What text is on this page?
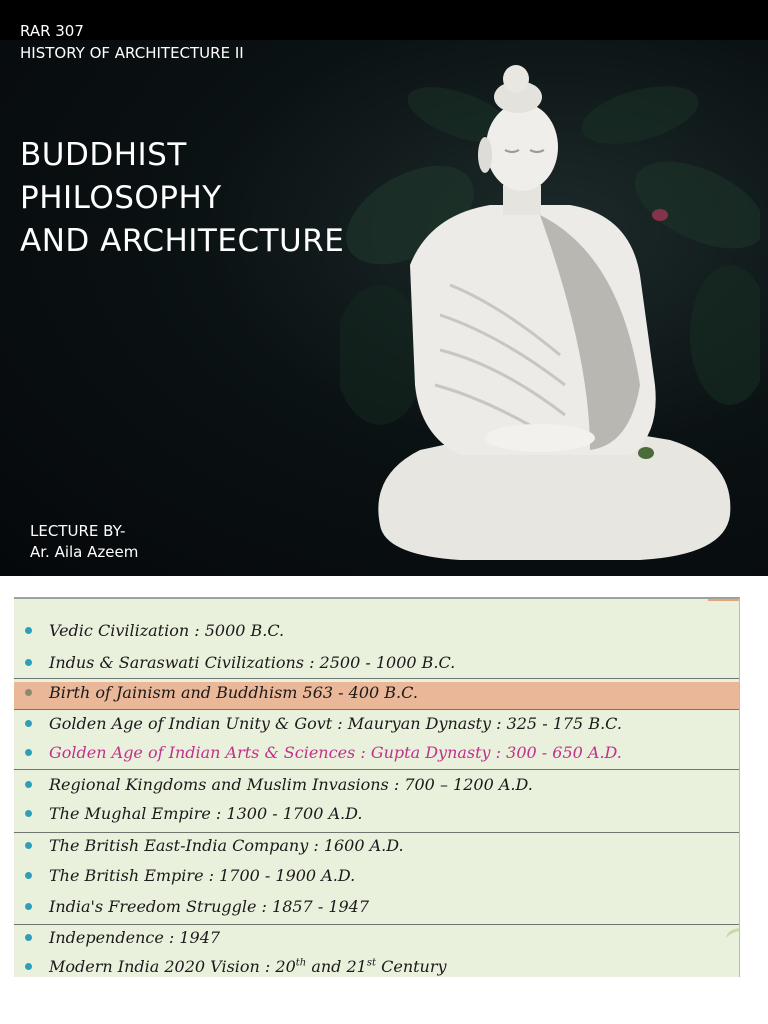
RAR 307
HISTORY OF ARCHITECTURE II
BUDDHIST
PHILOSOPHY
AND ARCHITECTURE
LECTURE BY-
Ar. Aila Azeem
Vedic Civilization : 5000 B.C.
Indus & Saraswati Civilizations : 2500 - 1000 B.C.
Birth of Jainism and Buddhism 563 - 400 B.C.
Golden Age of Indian Unity & Govt : Mauryan Dynasty : 325 - 175 B.C.
Golden Age of Indian Arts & Sciences : Gupta Dynasty : 300 - 650 A.D.
Regional Kingdoms and Muslim Invasions : 700 – 1200 A.D.
The Mughal Empire : 1300 - 1700 A.D.
The British East-India Company : 1600 A.D.
The British Empire : 1700 - 1900 A.D.
India's Freedom Struggle : 1857 - 1947
Independence : 1947
Modern India 2020 Vision : 20th and 21st Century
